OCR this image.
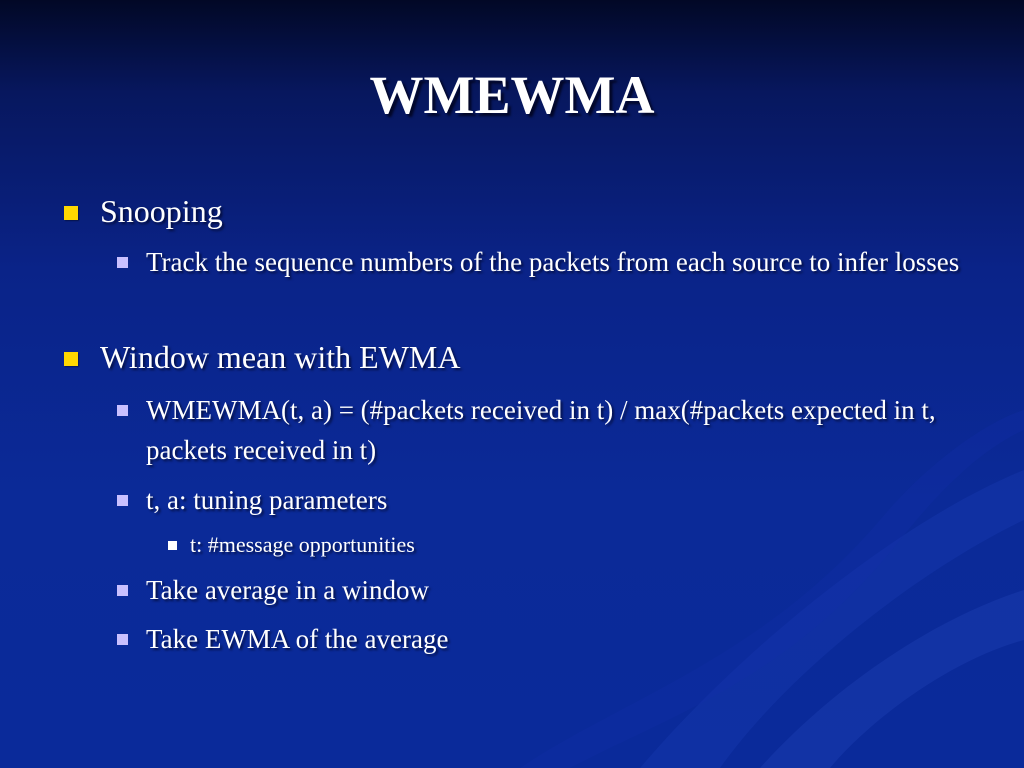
WMEWMA
Snooping
Track the sequence numbers of the packets from each source to infer losses
Window mean with EWMA
WMEWMA(t, a) = (#packets received in t) / max(#packets expected in t, packets received in t)
t, a: tuning parameters
t: #message opportunities
Take average in a window
Take EWMA of the average
